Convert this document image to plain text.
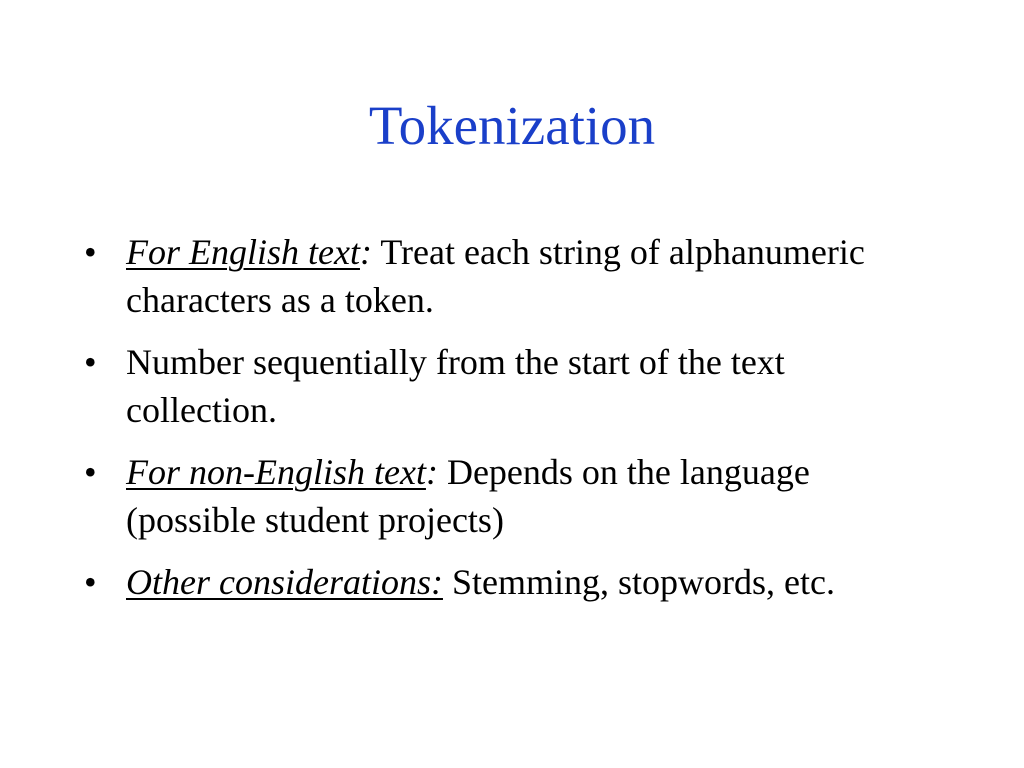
Tokenization
• For English text: Treat each string of alphanumeric characters as a token.
• Number sequentially from the start of the text collection.
• For non-English text: Depends on the language (possible student projects)
• Other considerations: Stemming, stopwords, etc.
